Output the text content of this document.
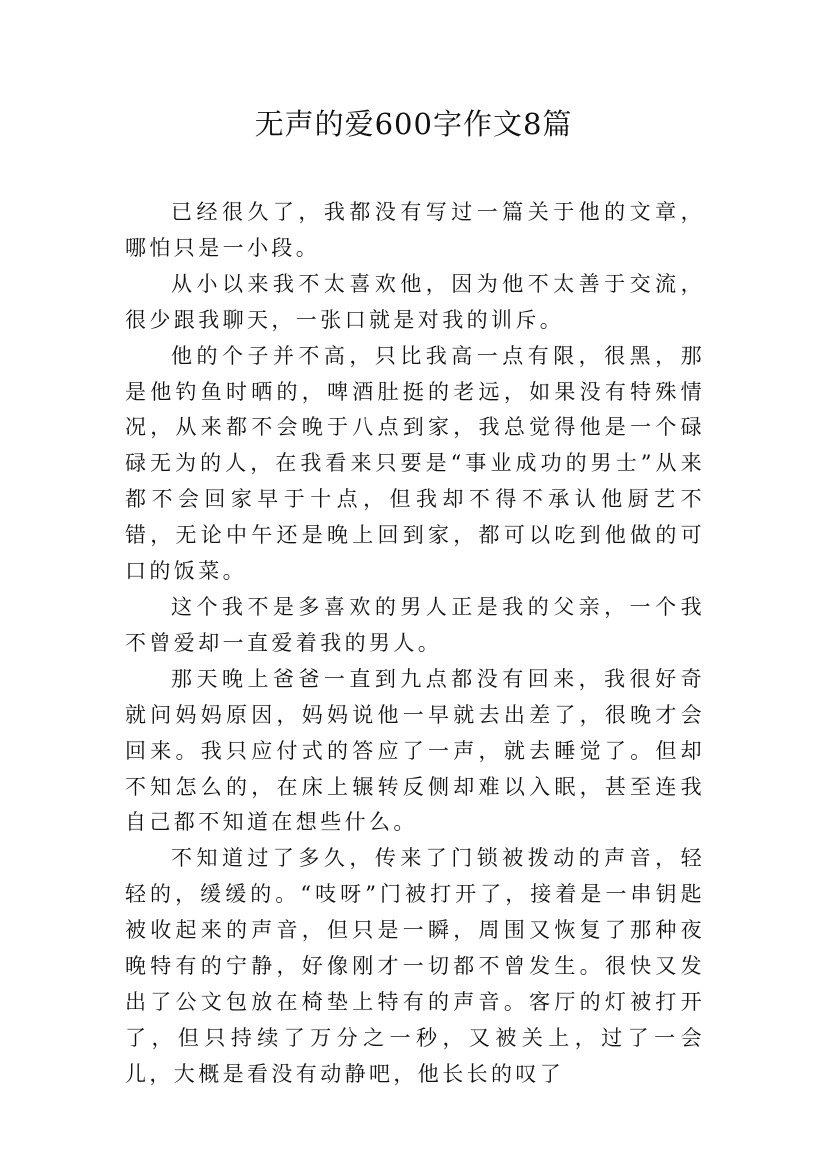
无声的爱600字作文8篇

已经很久了，我都没有写过一篇关于他的文章，哪怕只是一小段。

从小以来我不太喜欢他，因为他不太善于交流，很少跟我聊天，一张口就是对我的训斥。

他的个子并不高，只比我高一点有限，很黑，那是他钓鱼时晒的，啤酒肚挺的老远，如果没有特殊情况，从来都不会晚于八点到家，我总觉得他是一个碌碌无为的人，在我看来只要是“事业成功的男士”从来都不会回家早于十点，但我却不得不承认他厨艺不错，无论中午还是晚上回到家，都可以吃到他做的可口的饭菜。

这个我不是多喜欢的男人正是我的父亲，一个我不曾爱却一直爱着我的男人。

那天晚上爸爸一直到九点都没有回来，我很好奇就问妈妈原因，妈妈说他一早就去出差了，很晚才会回来。我只应付式的答应了一声，就去睡觉了。但却不知怎么的，在床上辗转反侧却难以入眠，甚至连我自己都不知道在想些什么。

不知道过了多久，传来了门锁被拨动的声音，轻轻的，缓缓的。“吱呀”门被打开了，接着是一串钥匙被收起来的声音，但只是一瞬，周围又恢复了那种夜晚特有的宁静，好像刚才一切都不曾发生。很快又发出了公文包放在椅垫上特有的声音。客厅的灯被打开了，但只持续了万分之一秒，又被关上，过了一会儿，大概是看没有动静吧，他长长的叹了
